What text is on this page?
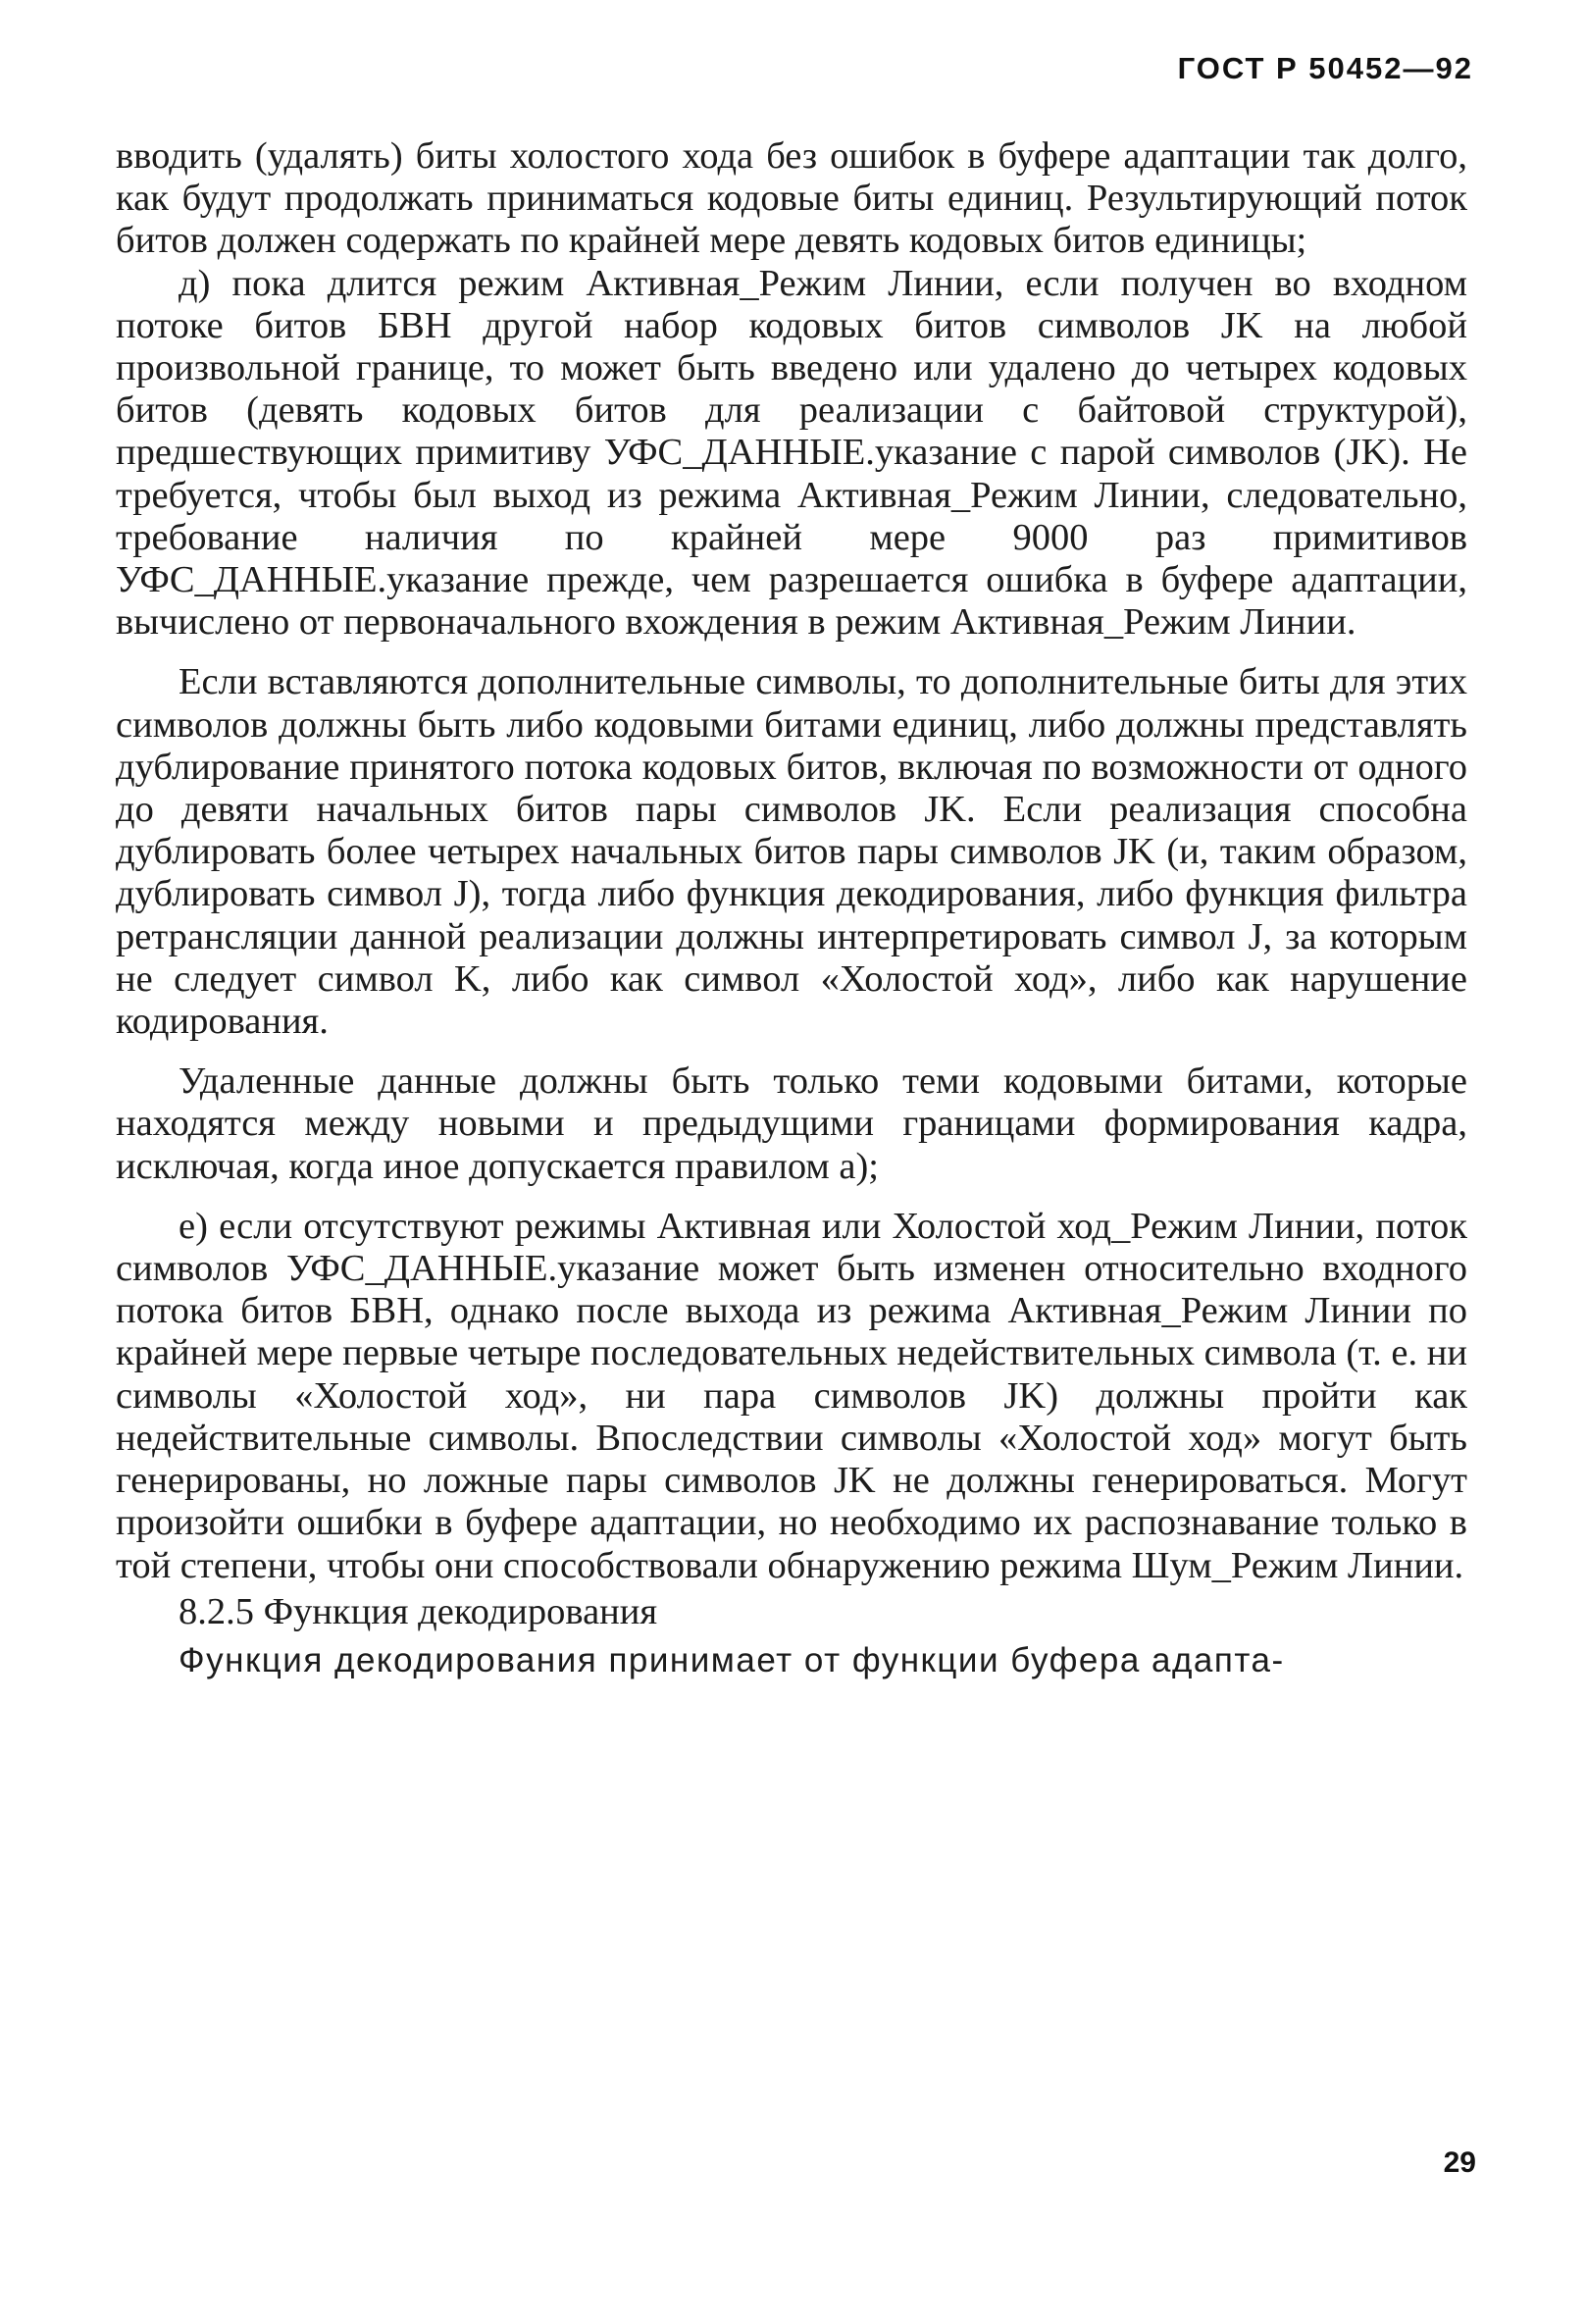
ГОСТ Р 50452—92

вводить (удалять) биты холостого хода без ошибок в буфере адаптации так долго, как будут продолжать приниматься кодовые биты единиц. Результирующий поток битов должен содержать по крайней мере девять кодовых битов единицы;

д) пока длится режим Активная_Режим Линии, если получен во входном потоке битов БВН другой набор кодовых битов символов JK на любой произвольной границе, то может быть введено или удалено до четырех кодовых битов (девять кодовых битов для реализации с байтовой структурой), предшествующих примитиву УФС_ДАННЫЕ.указание с парой символов (JK). Не требуется, чтобы был выход из режима Активная_Режим Линии, следовательно, требование наличия по крайней мере 9000 раз примитивов УФС_ДАННЫЕ.указание прежде, чем разрешается ошибка в буфере адаптации, вычислено от первоначального вхождения в режим Активная_Режим Линии.

Если вставляются дополнительные символы, то дополнительные биты для этих символов должны быть либо кодовыми битами единиц, либо должны представлять дублирование принятого потока кодовых битов, включая по возможности от одного до девяти начальных битов пары символов JK. Если реализация способна дублировать более четырех начальных битов пары символов JK (и, таким образом, дублировать символ J), тогда либо функция декодирования, либо функция фильтра ретрансляции данной реализации должны интерпретировать символ J, за которым не следует символ K, либо как символ «Холостой ход», либо как нарушение кодирования.

Удаленные данные должны быть только теми кодовыми битами, которые находятся между новыми и предыдущими границами формирования кадра, исключая, когда иное допускается правилом а);

е) если отсутствуют режимы Активная или Холостой ход_Режим Линии, поток символов УФС_ДАННЫЕ.указание может быть изменен относительно входного потока битов БВН, однако после выхода из режима Активная_Режим Линии по крайней мере первые четыре последовательных недействительных символа (т. е. ни символы «Холостой ход», ни пара символов JK) должны пройти как недействительные символы. Впоследствии символы «Холостой ход» могут быть генерированы, но ложные пары символов JK не должны генерироваться. Могут произойти ошибки в буфере адаптации, но необходимо их распознавание только в той степени, чтобы они способствовали обнаружению режима Шум_Режим Линии.

8.2.5 Функция декодирования

Функция декодирования принимает от функции буфера адапта-

29
